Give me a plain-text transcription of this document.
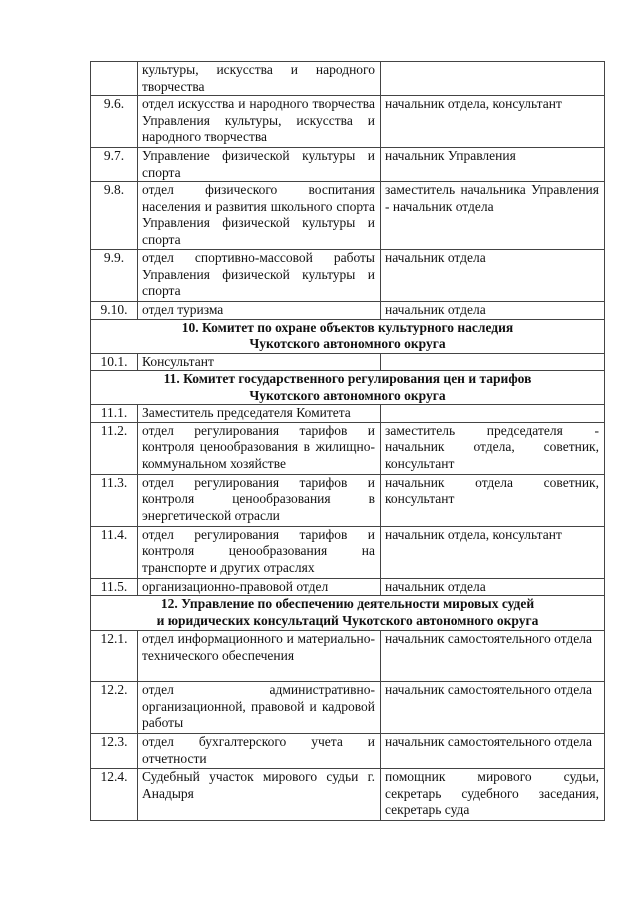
	культуры, искусства и народного творчества	
9.6.	отдел искусства и народного творчества Управления культуры, искусства и народного творчества	начальник отдела, консультант
9.7.	Управление физической культуры и спорта	начальник Управления
9.8.	отдел физического воспитания населения и развития школьного спорта Управления физической культуры и спорта	заместитель начальника Управления - начальник отдела
9.9.	отдел спортивно-массовой работы Управления физической культуры и спорта	начальник отдела
9.10.	отдел туризма	начальник отдела

10. Комитет по охране объектов культурного наследия
Чукотского автономного округа		

10.1.	Консультант	

11. Комитет государственного регулирования цен и тарифов
Чукотского автономного округа		

11.1.	Заместитель председателя Комитета	
11.2.	отдел регулирования тарифов и контроля ценообразования в жилищно-коммунальном хозяйстве	заместитель председателя - начальник отдела, советник, консультант
11.3.	отдел регулирования тарифов и контроля ценообразования в энергетической отрасли	начальник отдела советник, консультант
11.4.	отдел регулирования тарифов и контроля ценообразования на транспорте и других отраслях	начальник отдела, консультант
11.5.	организационно-правовой отдел	начальник отдела

12. Управление по обеспечению деятельности мировых судей
и юридических консультаций Чукотского автономного округа		

12.1.	отдел информационного и материально-технического обеспечения	начальник самостоятельного отдела
12.2.	отдел административно-организационной, правовой и кадровой работы	начальник самостоятельного отдела
12.3.	отдел бухгалтерского учета и отчетности	начальник самостоятельного отдела
12.4.	Судебный участок мирового судьи г. Анадыря	помощник мирового судьи, секретарь судебного заседания, секретарь суда
